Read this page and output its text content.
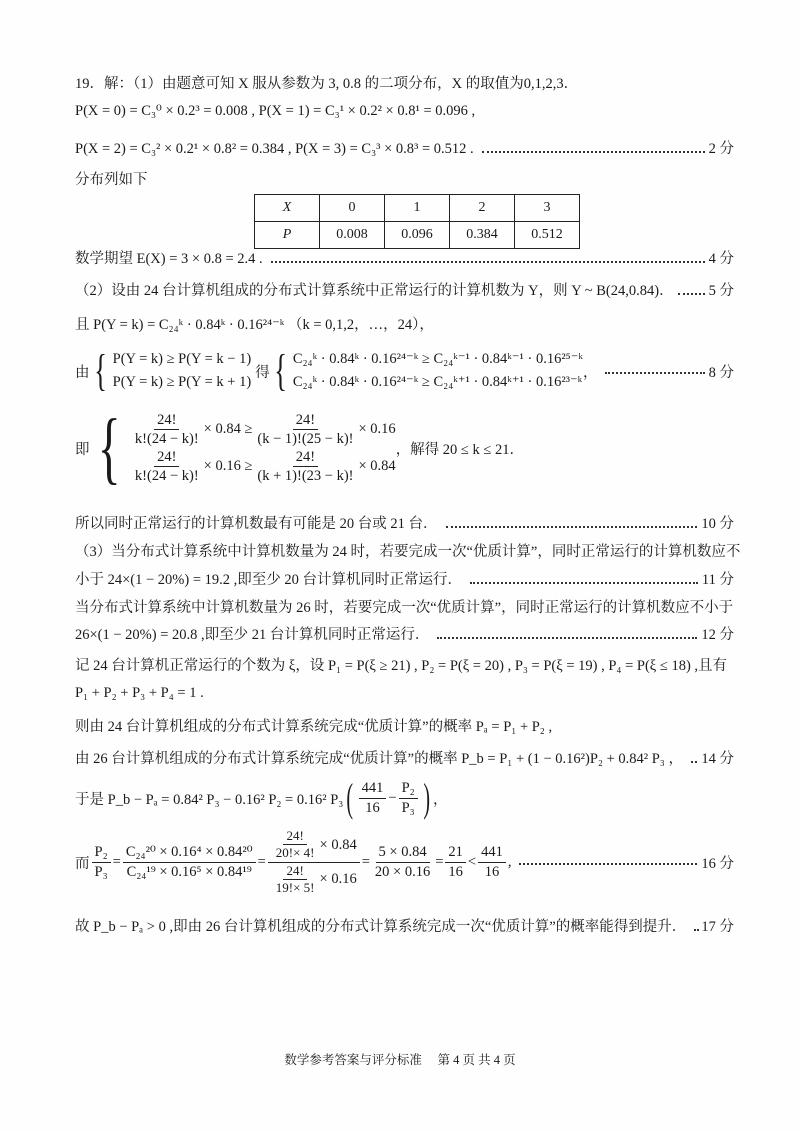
19．解：（1）由题意可知 X 服从参数为 3, 0.8 的二项分布，X 的取值为0,1,2,3．
P(X = 0) = C₃⁰ × 0.2³ = 0.008 , P(X = 1) = C₃¹ × 0.2² × 0.8¹ = 0.096 ,
P(X = 2) = C₃² × 0.2¹ × 0.8² = 0.384 , P(X = 3) = C₃³ × 0.8³ = 0.512 .	2 分
分布列如下
X	0	1	2	3
P	0.008	0.096	0.384	0.512
数学期望 E(X) = 3 × 0.8 = 2.4 .	4 分
（2）设由 24 台计算机组成的分布式计算系统中正常运行的计算机数为 Y，则 Y ~ B(24,0.84)． 5 分
且 P(Y = k) = C₂₄ᵏ · 0.84ᵏ · 0.16²⁴⁻ᵏ （k = 0,1,2，…，24），
由 { P(Y = k) ≥ P(Y = k − 1)
P(Y = k) ≥ P(Y = k + 1)
得 { C₂₄ᵏ · 0.84ᵏ · 0.16²⁴⁻ᵏ ≥ C₂₄ᵏ⁻¹ · 0.84ᵏ⁻¹ · 0.16²⁵⁻ᵏ
C₂₄ᵏ · 0.84ᵏ · 0.16²⁴⁻ᵏ ≥ C₂₄ᵏ⁺¹ · 0.84ᵏ⁺¹ · 0.16²³⁻ᵏ
，	8 分
即 { $\frac{24!}{k!(24 - k)!} \times 0.84 \ge \frac{24!}{(k - 1)!(25 - k)!} \times 0.16$
$\frac{24!}{k!(24 - k)!} \times 0.16 \ge \frac{24!}{(k + 1)!(23 - k)!} \times 0.84$
，解得 20 ≤ k ≤ 21．
所以同时正常运行的计算机数最有可能是 20 台或 21 台．	10 分
（3）当分布式计算系统中计算机数量为 24 时，若要完成一次“优质计算”，同时正常运行的计算机数应不
小于 24×(1 − 20%) = 19.2 ,即至少 20 台计算机同时正常运行．	11 分
当分布式计算系统中计算机数量为 26 时，若要完成一次“优质计算”，同时正常运行的计算机数应不小于
26×(1 − 20%) = 20.8 ,即至少 21 台计算机同时正常运行．	12 分
记 24 台计算机正常运行的个数为 ξ，设 P₁ = P(ξ ≥ 21) , P₂ = P(ξ = 20) , P₃ = P(ξ = 19) , P₄ = P(ξ ≤ 18) ,且有
P₁ + P₂ + P₃ + P₄ = 1 .
则由 24 台计算机组成的分布式计算系统完成“优质计算”的概率 Pₐ = P₁ + P₂ ,
由 26 台计算机组成的分布式计算系统完成“优质计算”的概率 P_b = P₁ + (1 − 0.16²)P₂ + 0.84² P₃ ， 14 分
于是 P_b − Pₐ = 0.84² P₃ − 0.16² P₂ = 0.16² P₃ ( $\frac{441}{16} - \frac{\text{P₂}}{\text{P₃}}$ ) ，
而 $\frac{\text{P₂}}{\text{P₃}} = \frac{\text{C₂₄²⁰ × 0.16⁴ × 0.84²⁰}}{\text{C₂₄¹⁹ × 0.16⁵ × 0.84¹⁹}} = \frac{\frac{24!}{20!\times 4!} \times 0.84}{\frac{24!}{19!\times 5!} \times 0.16} = \frac{5 \times 0.84}{20 \times 0.16} = \frac{21}{16} < \frac{441}{16}$ ,	16 分
故 P_b − Pₐ > 0 ,即由 26 台计算机组成的分布式计算系统完成一次“优质计算”的概率能得到提升． 17 分
数学参考答案与评分标准　 第 4 页 共 4 页
